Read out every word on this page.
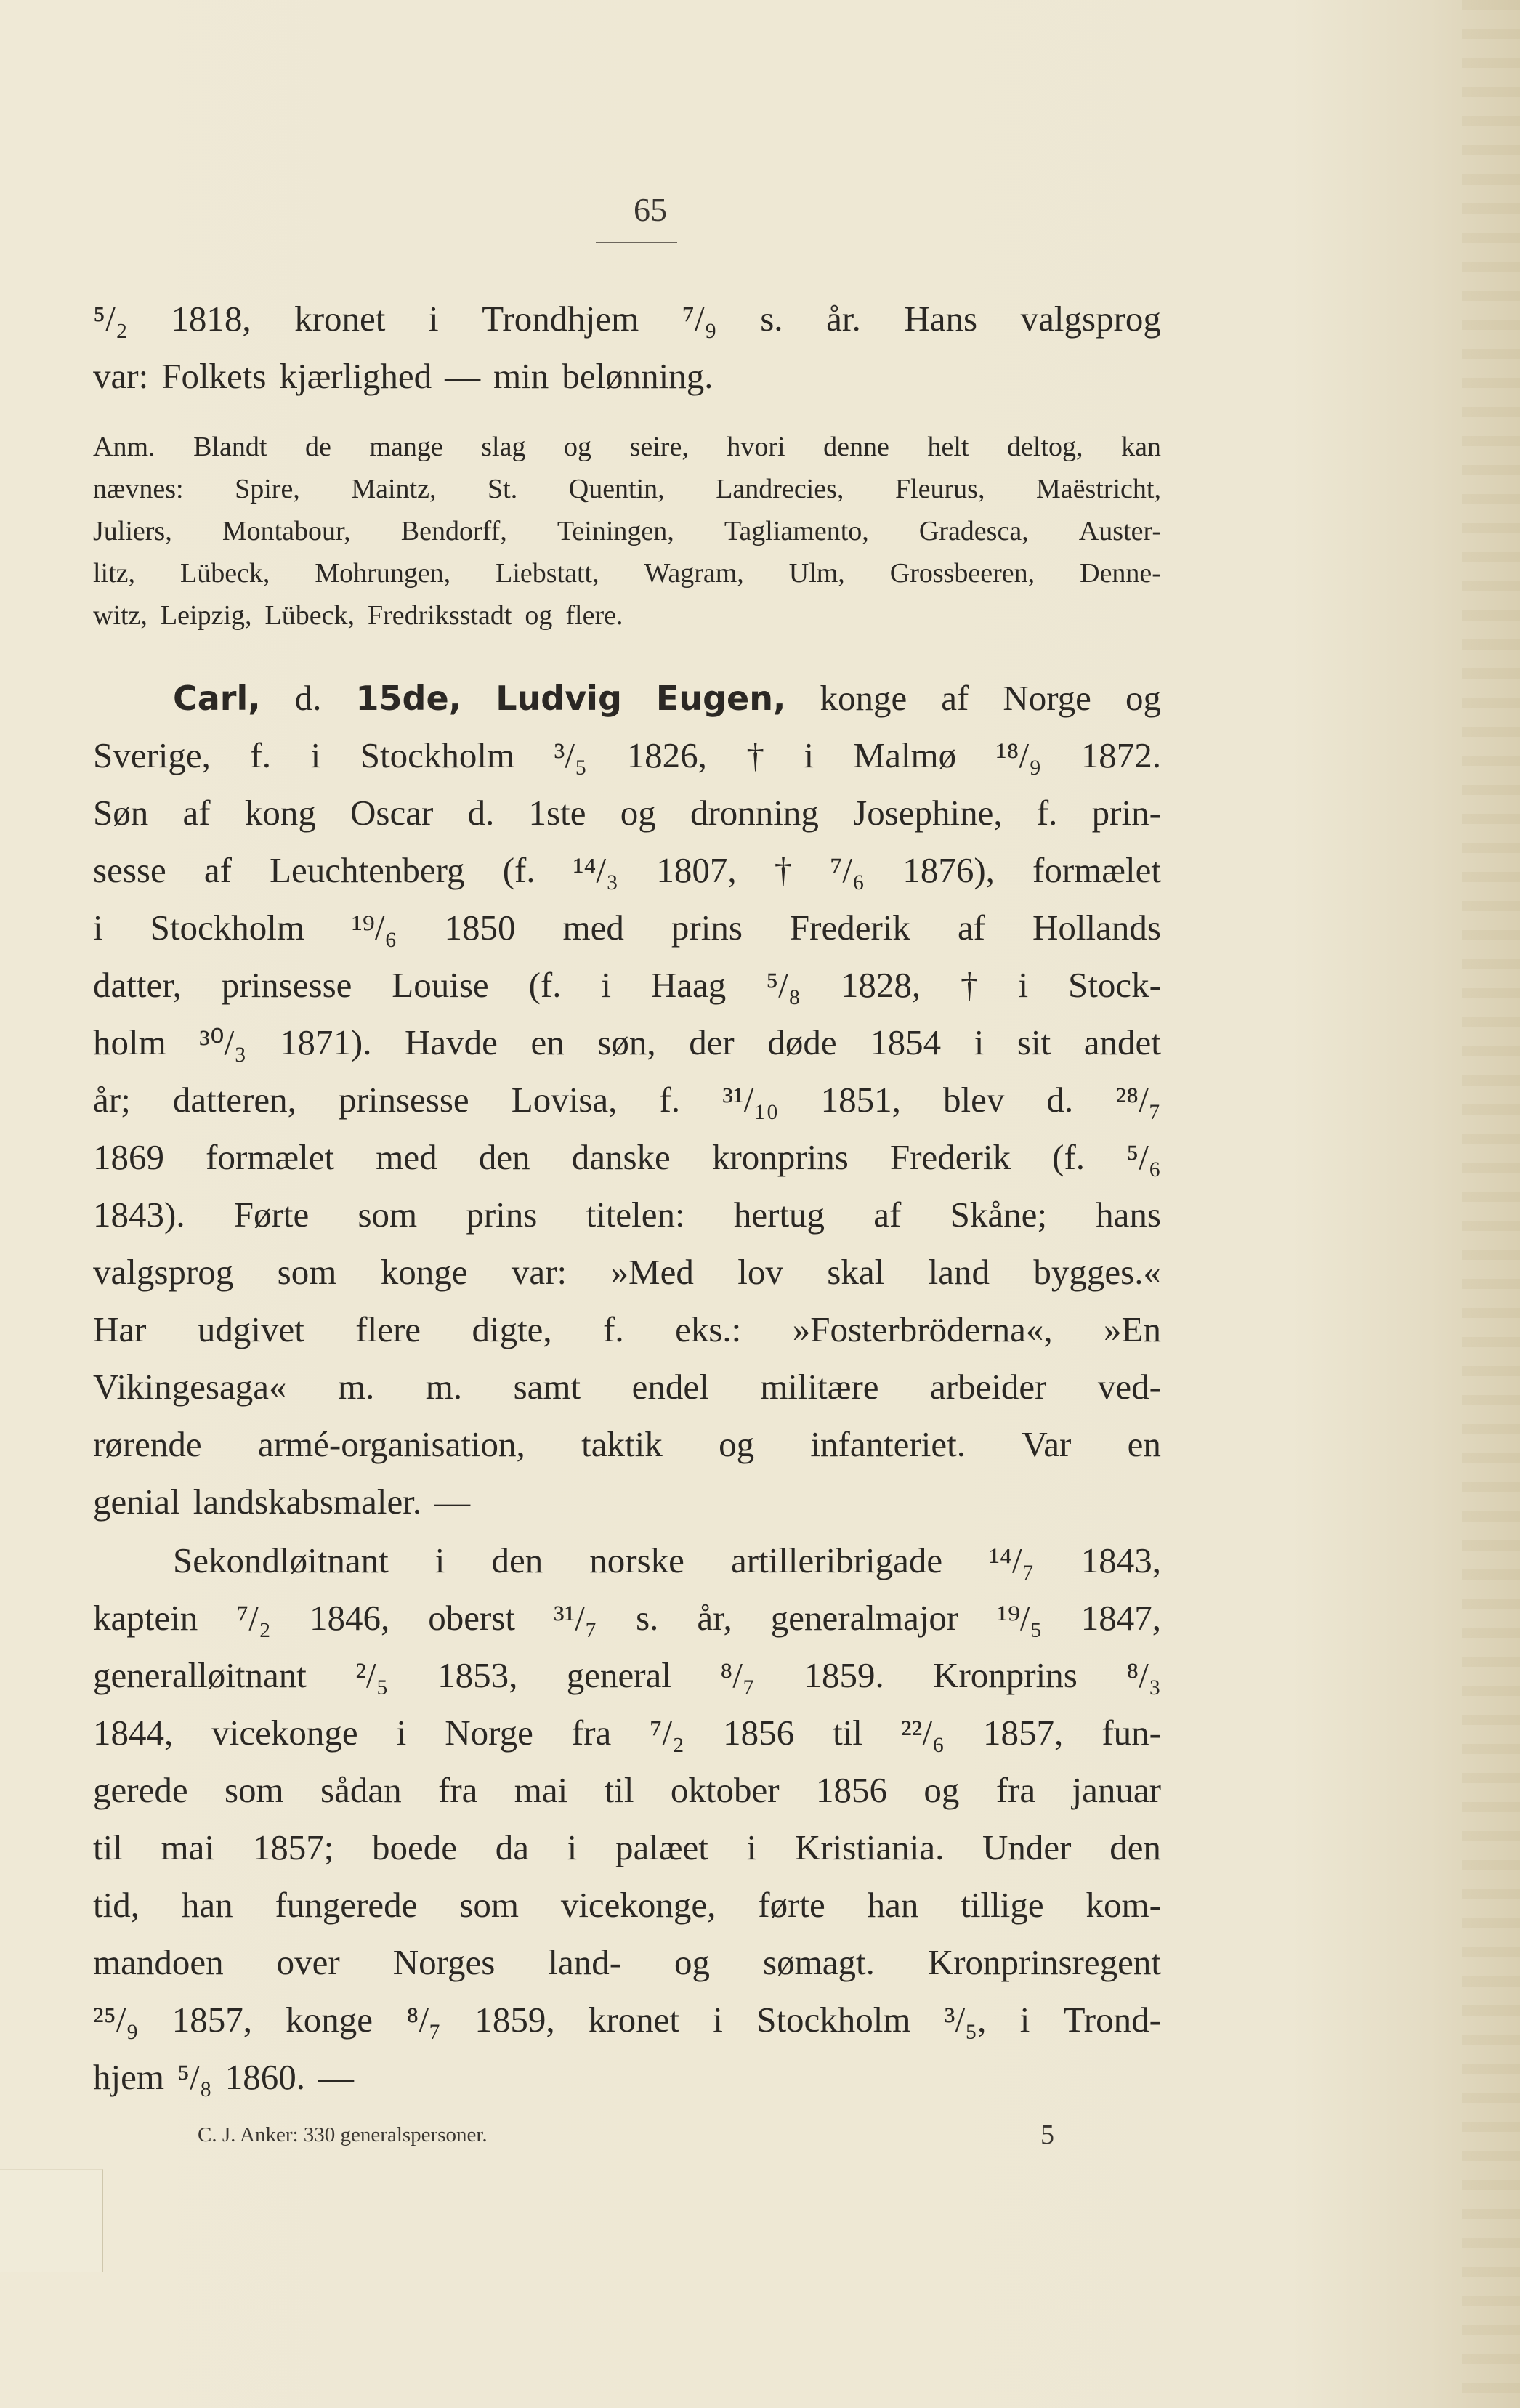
65
⁵/₂ 1818, kronet i Trondhjem ⁷/₉ s. år. Hans valgsprog
var: Folkets kjærlighed — min belønning.
Anm. Blandt de mange slag og seire, hvori denne helt deltog, kan
nævnes: Spire, Maintz, St. Quentin, Landrecies, Fleurus, Maëstricht,
Juliers, Montabour, Bendorff, Teiningen, Tagliamento, Gradesca, Auster-
litz, Lübeck, Mohrungen, Liebstatt, Wagram, Ulm, Grossbeeren, Denne-
witz, Leipzig, Lübeck, Fredriksstadt og flere.
Carl, d. 15de, Ludvig Eugen, konge af Norge og
Sverige, f. i Stockholm ³/₅ 1826, † i Malmø ¹⁸/₉ 1872.
Søn af kong Oscar d. 1ste og dronning Josephine, f. prin-
sesse af Leuchtenberg (f. ¹⁴/₃ 1807, † ⁷/₆ 1876), formælet
i Stockholm ¹⁹/₆ 1850 med prins Frederik af Hollands
datter, prinsesse Louise (f. i Haag ⁵/₈ 1828, † i Stock-
holm ³⁰/₃ 1871). Havde en søn, der døde 1854 i sit andet
år; datteren, prinsesse Lovisa, f. ³¹/₁₀ 1851, blev d. ²⁸/₇
1869 formælet med den danske kronprins Frederik (f. ⁵/₆
1843). Førte som prins titelen: hertug af Skåne; hans
valgsprog som konge var: »Med lov skal land bygges.«
Har udgivet flere digte, f. eks.: »Fosterbröderna«, »En
Vikingesaga« m. m. samt endel militære arbeider ved-
rørende armé-organisation, taktik og infanteriet. Var en
genial landskabsmaler. —
Sekondløitnant i den norske artilleribrigade ¹⁴/₇ 1843,
kaptein ⁷/₂ 1846, oberst ³¹/₇ s. år, generalmajor ¹⁹/₅ 1847,
generalløitnant ²/₅ 1853, general ⁸/₇ 1859. Kronprins ⁸/₃
1844, vicekonge i Norge fra ⁷/₂ 1856 til ²²/₆ 1857, fun-
gerede som sådan fra mai til oktober 1856 og fra januar
til mai 1857; boede da i palæet i Kristiania. Under den
tid, han fungerede som vicekonge, førte han tillige kom-
mandoen over Norges land- og sømagt. Kronprinsregent
²⁵/₉ 1857, konge ⁸/₇ 1859, kronet i Stockholm ³/₅, i Trond-
hjem ⁵/₈ 1860. —
C. J. Anker: 330 generalspersoner.	5
